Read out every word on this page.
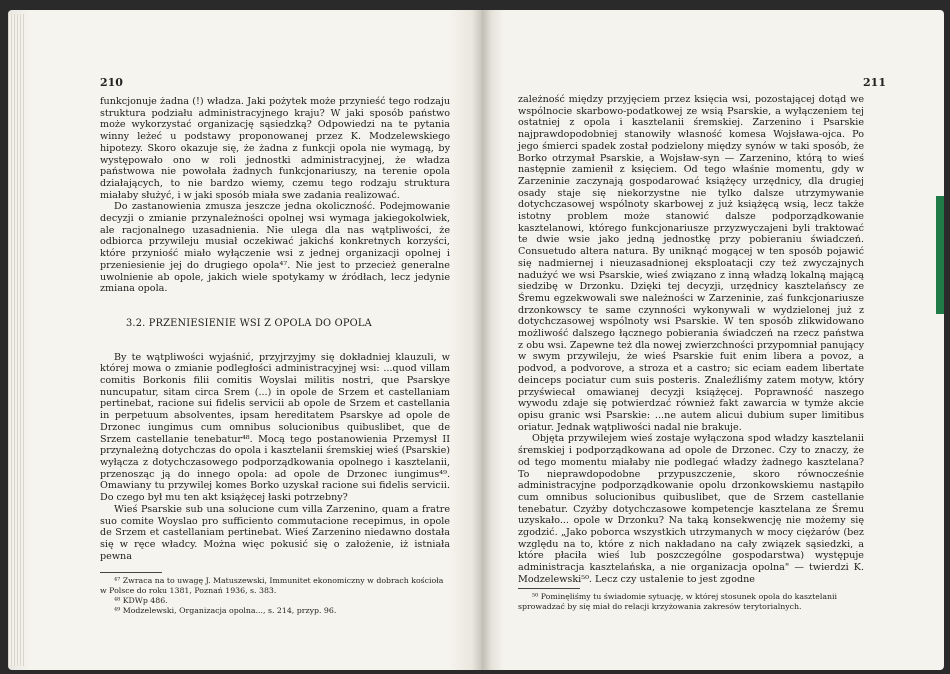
210

funkcjonuje żadna (!) władza. Jaki pożytek może przynieść tego rodzaju struktura podziału administracyjnego kraju? W jaki sposób państwo może wykorzystać organizację sąsiedzką? Odpowiedzi na te pytania winny leżeć u podstawy proponowanej przez K. Modzelewskiego hipotezy. Skoro okazuje się, że żadna z funkcji opola nie wymagą, by występowało ono w roli jednostki administracyjnej, że władza państwowa nie powołała żadnych funkcjonariuszy, na terenie opola działających, to nie bardzo wiemy, czemu tego rodzaju struktura miałaby służyć, i w jaki sposób miała swe zadania realizować.

Do zastanowienia zmusza jeszcze jedna okoliczność. Podejmowanie decyzji o zmianie przynależności opolnej wsi wymaga jakiegokolwiek, ale racjonalnego uzasadnienia. Nie ulega dla nas wątpliwości, że odbiorca przywileju musiał oczekiwać jakichś konkretnych korzyści, które przyniość miało wyłączenie wsi z jednej organizacji opolnej i przeniesienie jej do drugiego opola⁴⁷. Nie jest to przecież generalne uwolnienie ab opole, jakich wiele spotykamy w źródłach, lecz jedynie zmiana opola.

3.2. PRZENIESIENIE WSI Z OPOLA DO OPOLA

By te wątpliwości wyjaśnić, przyjrzyjmy się dokładniej klauzuli, w której mowa o zmianie podległości administracyjnej wsi: ...quod villam comitis Borkonis filii comitis Woyslai militis nostri, que Psarskye nuncupatur, sitam circa Srem (...) in opole de Srzem et castellaniam pertinebat, racione sui fidelis servicii ab opole de Srzem et castellania in perpetuum absolventes, ipsam hereditatem Psarskye ad opole de Drzonec iungimus cum omnibus solucionibus quibuslibet, que de Srzem castellanie tenebatur⁴⁸. Mocą tego postanowienia Przemysł II przynależną dotychczas do opola i kasztelanii śremskiej wieś (Psarskie) wyłącza z dotychczasowego podporządkowania opolnego i kasztelanii, przenosząc ją do innego opola: ad opole de Drzonec iungimus⁴⁹. Omawiany tu przywilej komes Borko uzyskał racione sui fidelis servicii. Do czego był mu ten akt książęcej łaski potrzebny?

Wieś Psarskie sub una solucione cum villa Zarzenino, quam a fratre suo comite Woyslao pro sufficiento commutacione recepimus, in opole de Srzem et castellaniam pertinebat. Wieś Zarzenino niedawno dostała się w ręce władcy. Można więc pokusić się o założenie, iż istniała pewna

⁴⁷ Zwraca na to uwagę J. Matuszewski, Immunitet ekonomiczny w dobrach kościoła w Polsce do roku 1381, Poznań 1936, s. 383.

⁴⁸ KDWp 486.

⁴⁹ Modzelewski, Organizacja opolna..., s. 214, przyp. 96.

211

zależność między przyjęciem przez księcia wsi, pozostającej dotąd we wspólnocie skarbowo-podatkowej ze wsią Psarskie, a wyłączeniem tej ostatniej z opola i kasztelanii śremskiej. Zarzenino i Psarskie najprawdopodobniej stanowiły własność komesa Wojsława-ojca. Po jego śmierci spadek został podzielony między synów w taki sposób, że Borko otrzymał Psarskie, a Wojsław-syn — Zarzenino, którą to wieś następnie zamienił z księciem. Od tego właśnie momentu, gdy w Zarzeninie zaczynają gospodarować książęcy urzędnicy, dla drugiej osady staje się niekorzystne nie tylko dalsze utrzymywanie dotychczasowej wspólnoty skarbowej z już książęcą wsią, lecz także istotny problem może stanowić dalsze podporządkowanie kasztelanowi, którego funkcjonariusze przyzwyczajeni byli traktować te dwie wsie jako jedną jednostkę przy pobieraniu świadczeń. Consuetudo altera natura. By uniknąć mogącej w ten sposób pojawić się nadmiernej i nieuzasadnionej eksploatacji czy też zwyczajnych nadużyć we wsi Psarskie, wieś związano z inną władzą lokalną mającą siedzibę w Drzonku. Dzięki tej decyzji, urzędnicy kasztelańscy ze Śremu egzekwowali swe należności w Zarzeninie, zaś funkcjonariusze drzonkowscy te same czynności wykonywali w wydzielonej już z dotychczasowej wspólnoty wsi Psarskie. W ten sposób zlikwidowano możliwość dalszego łącznego pobierania świadczeń na rzecz państwa z obu wsi. Zapewne też dla nowej zwierzchności przypomniał panujący w swym przywileju, że wieś Psarskie fuit enim libera a povoz, a podvod, a podvorove, a stroza et a castro; sic eciam eadem libertate deinceps pociatur cum suis posteris. Znaleźliśmy zatem motyw, który przyświecał omawianej decyzji książęcej. Poprawność naszego wywodu zdaje się potwierdzać również fakt zawarcia w tymże akcie opisu granic wsi Psarskie: ...ne autem alicui dubium super limitibus oriatur. Jednak wątpliwości nadal nie brakuje.

Objęta przywilejem wieś zostaje wyłączona spod władzy kasztelanii śremskiej i podporządkowana ad opole de Drzonec. Czy to znaczy, że od tego momentu miałaby nie podlegać władzy żadnego kasztelana? To nieprawdopodobne przypuszczenie, skoro równocześnie administracyjne podporządkowanie opolu drzonkowskiemu nastąpiło cum omnibus solucionibus quibuslibet, que de Srzem castellanie tenebatur. Czyżby dotychczasowe kompetencje kasztelana ze Śremu uzyskało... opole w Drzonku? Na taką konsekwencję nie możemy się zgodzić. „Jako poborca wszystkich utrzymanych w mocy ciężarów (bez względu na to, które z nich nakładano na cały związek sąsiedzki, a które płaciła wieś lub poszczególne gospodarstwa) występuje administracja kasztelańska, a nie organizacja opolna" — twierdzi K. Modzelewski⁵⁰. Lecz czy ustalenie to jest zgodne

⁵⁰ Pominęliśmy tu świadomie sytuację, w której stosunek opola do kasztelanii sprowadzać by się miał do relacji krzyżowania zakresów terytorialnych.
